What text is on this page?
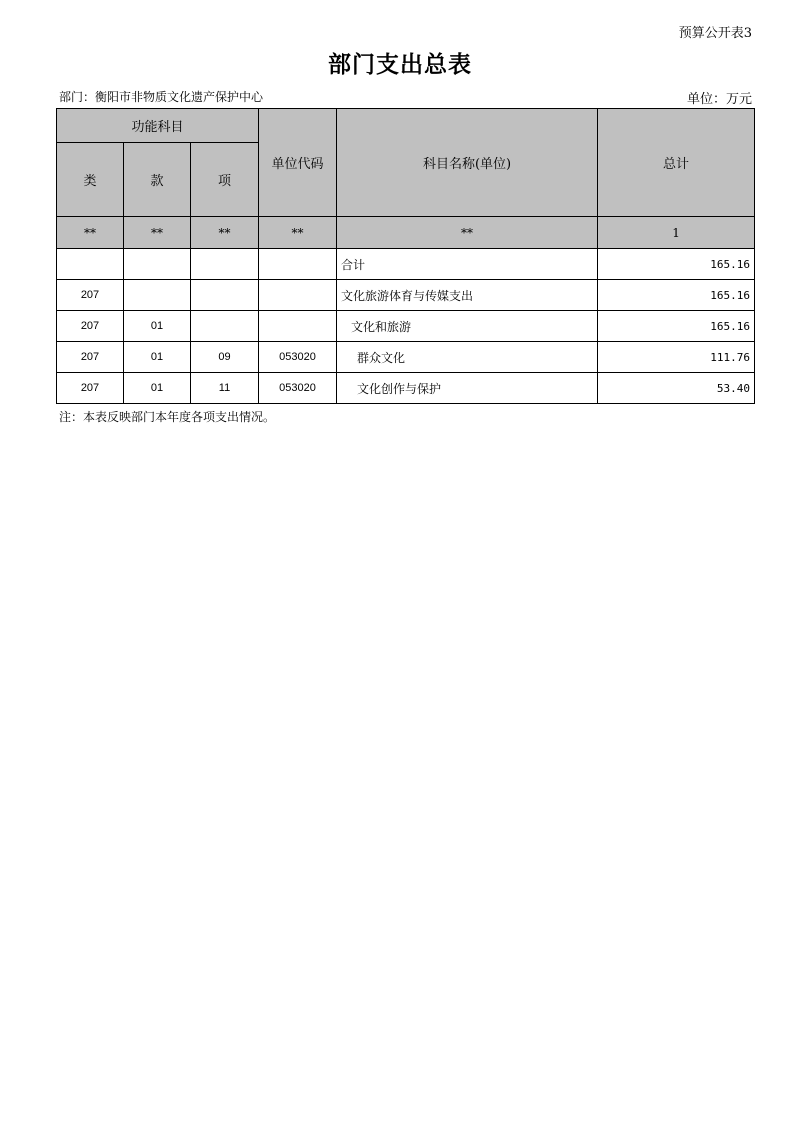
预算公开表3
部门支出总表
部门：衡阳市非物质文化遗产保护中心	单位：万元
功能科目			单位代码	科目名称(单位)	总计
类	款	项			
**	**	**	**	**	1
				合计	165.16
207				文化旅游体育与传媒支出	165.16
207	01			文化和旅游	165.16
207	01	09	053020	群众文化	111.76
207	01	11	053020	文化创作与保护	53.40
注：本表反映部门本年度各项支出情况。
